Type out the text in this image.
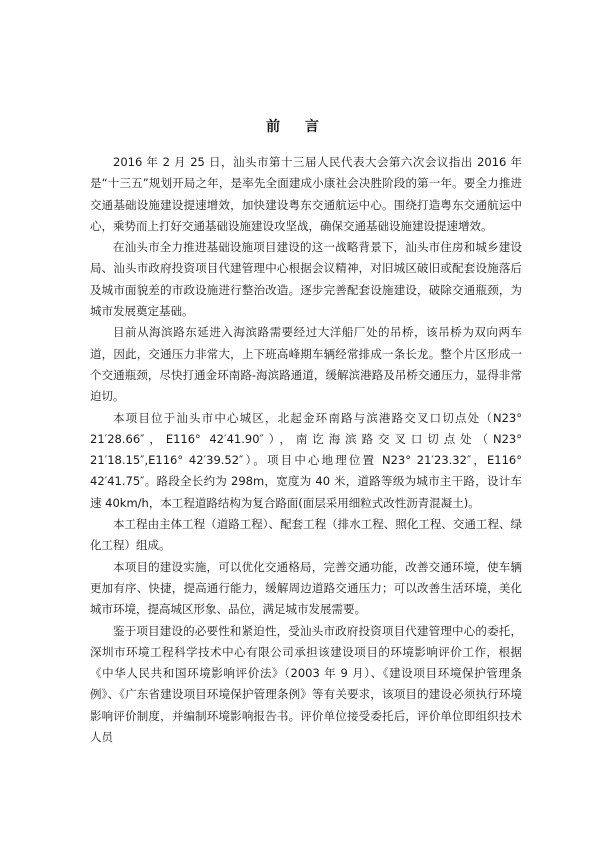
前 言

2016 年 2 月 25 日，汕头市第十三届人民代表大会第六次会议指出 2016 年是“十三五”规划开局之年，是率先全面建成小康社会决胜阶段的第一年。要全力推进交通基础设施建设提速增效，加快建设粤东交通航运中心。围绕打造粤东交通航运中心，乘势而上打好交通基础设施建设攻坚战，确保交通基础设施建设提速增效。

在汕头市全力推进基础设施项目建设的这一战略背景下，汕头市住房和城乡建设局、汕头市政府投资项目代建管理中心根据会议精神，对旧城区破旧或配套设施落后及城市面貌差的市政设施进行整治改造。逐步完善配套设施建设，破除交通瓶颈，为城市发展奠定基础。

目前从海滨路东延进入海滨路需要经过大洋船厂处的吊桥，该吊桥为双向两车道，因此，交通压力非常大，上下班高峰期车辆经常排成一条长龙。整个片区形成一个交通瓶颈，尽快打通金环南路-海滨路通道，缓解滨港路及吊桥交通压力，显得非常迫切。

本项目位于汕头市中心城区，北起金环南路与滨港路交叉口切点处（N23° 21′28.66″，E116° 42′41.90″），南讫海滨路交叉口切点处（N23° 21′18.15″,E116° 42′39.52″）。项目中心地理位置 N23° 21′23.32″，E116° 42′41.75″。路段全长约为 298m，宽度为 40 米，道路等级为城市主干路，设计车速 40km/h，本工程道路结构为复合路面(面层采用细粒式改性沥青混凝土)。

本工程由主体工程（道路工程）、配套工程（排水工程、照化工程、交通工程、绿化工程）组成。

本项目的建设实施，可以优化交通格局，完善交通功能，改善交通环境，使车辆更加有序、快捷，提高通行能力，缓解周边道路交通压力；可以改善生活环境，美化城市环境，提高城区形象、品位，满足城市发展需要。

鉴于项目建设的必要性和紧迫性，受汕头市政府投资项目代建管理中心的委托，深圳市环境工程科学技术中心有限公司承担该建设项目的环境影响评价工作，根据《中华人民共和国环境影响评价法》（2003 年 9 月）、《建设项目环境保护管理条例》、《广东省建设项目环境保护管理条例》等有关要求，该项目的建设必须执行环境影响评价制度，并编制环境影响报告书。评价单位接受委托后，评价单位即组织技术人员
